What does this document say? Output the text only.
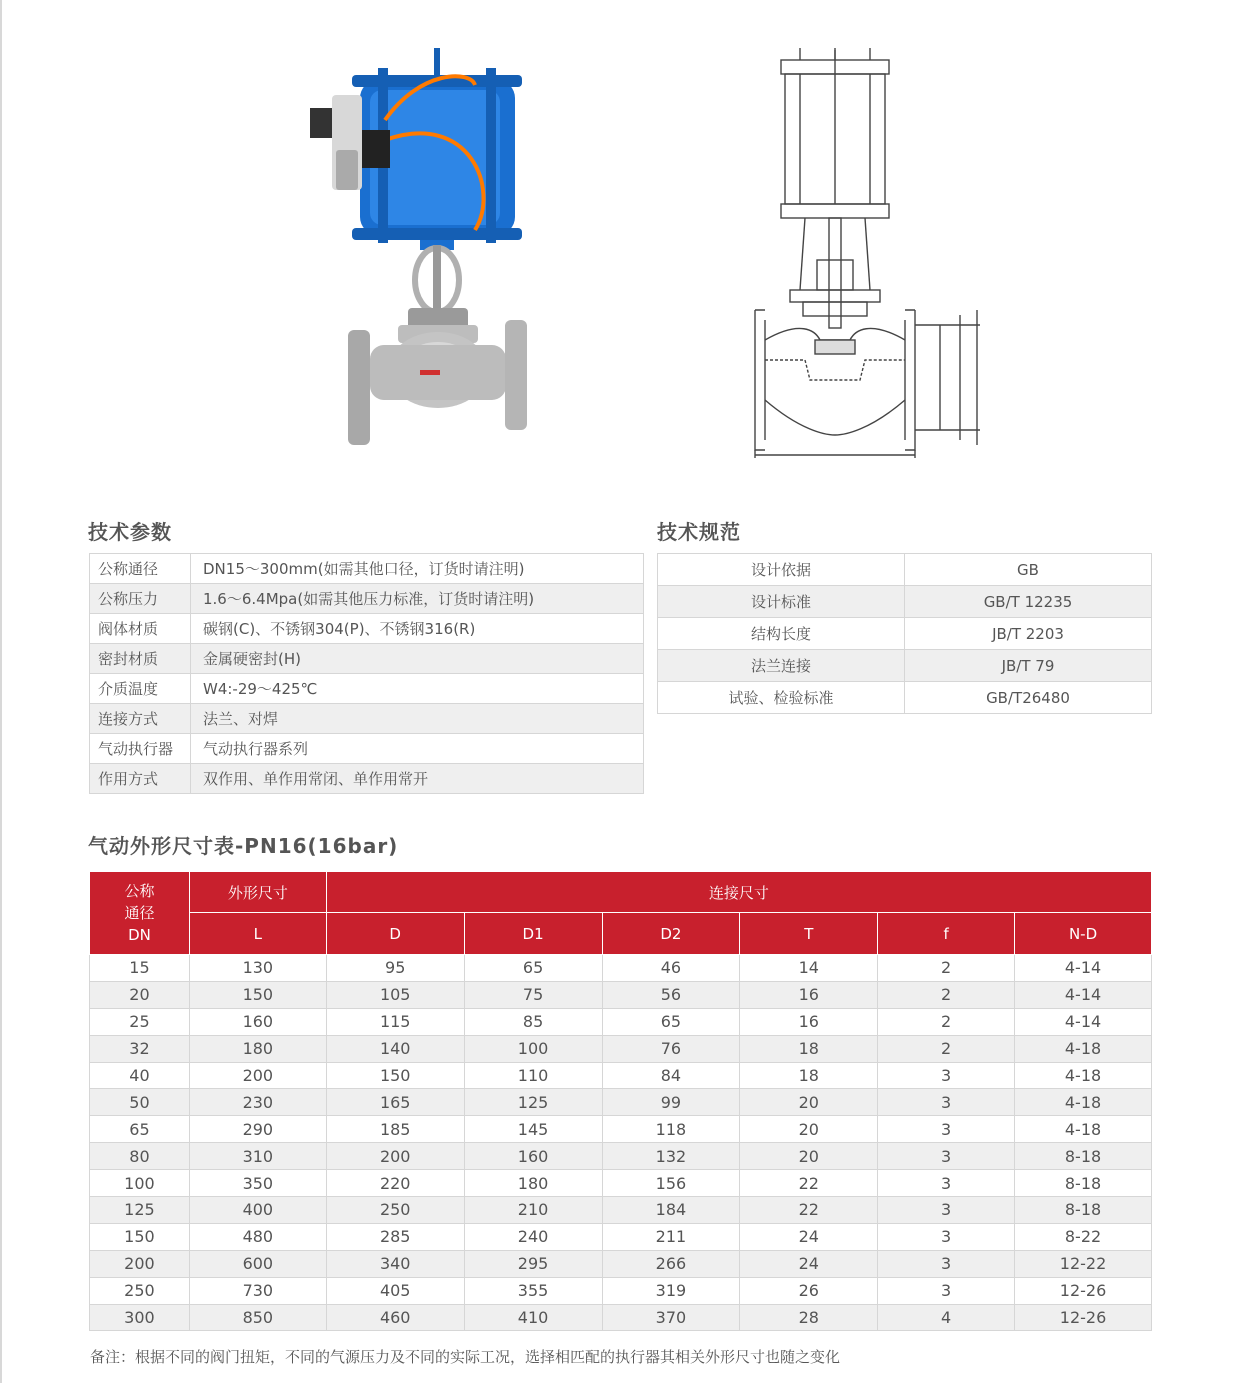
技术参数
公称通径	DN15～300mm(如需其他口径，订货时请注明)
公称压力	1.6～6.4Mpa(如需其他压力标准，订货时请注明)
阀体材质	碳钢(C)、不锈钢304(P)、不锈钢316(R)
密封材质	金属硬密封(H)
介质温度	W4:-29～425℃
连接方式	法兰、对焊
气动执行器	气动执行器系列
作用方式	双作用、单作用常闭、单作用常开
技术规范
设计依据	GB
设计标准	GB/T 12235
结构长度	JB/T 2203
法兰连接	JB/T 79
试验、检验标准	GB/T26480
气动外形尺寸表-PN16(16bar)
公称
通径
DN	外形尺寸	连接尺寸					
	L	D	D1	D2	T	f	N-D
15	130	95	65	46	14	2	4-14
20	150	105	75	56	16	2	4-14
25	160	115	85	65	16	2	4-14
32	180	140	100	76	18	2	4-18
40	200	150	110	84	18	3	4-18
50	230	165	125	99	20	3	4-18
65	290	185	145	118	20	3	4-18
80	310	200	160	132	20	3	8-18
100	350	220	180	156	22	3	8-18
125	400	250	210	184	22	3	8-18
150	480	285	240	211	24	3	8-22
200	600	340	295	266	24	3	12-22
250	730	405	355	319	26	3	12-26
300	850	460	410	370	28	4	12-26
备注：根据不同的阀门扭矩，不同的气源压力及不同的实际工况，选择相匹配的执行器其相关外形尺寸也随之变化
